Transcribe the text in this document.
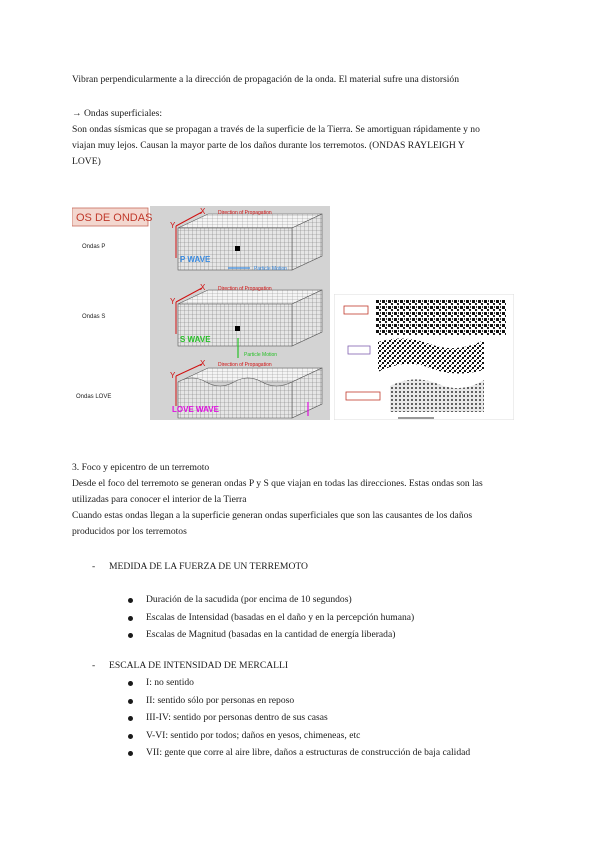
Vibran perpendicularmente a la dirección de propagación de la onda. El material sufre una distorsión
→ Ondas superficiales:
Son ondas sísmicas que se propagan a través de la superficie de la Tierra. Se amortiguan rápidamente y no
viajan muy lejos. Causan la mayor parte de los daños durante los terremotos. (ONDAS RAYLEIGH Y
LOVE)
OS DE ONDAS
Ondas P
Ondas S
Ondas LOVE
Y
X	Direction of Propagation
P WAVE
Particle Motion
Y
X	Direction of Propagation
S WAVE
Particle Motion
Y
X	Direction of Propagation
LOVE WAVE
3. Foco y epicentro de un terremoto
Desde el foco del terremoto se generan ondas P y S que viajan en todas las direcciones. Estas ondas son las
utilizadas para conocer el interior de la Tierra
Cuando estas ondas llegan a la superficie generan ondas superficiales que son las causantes de los daños
producidos por los terremotos
- MEDIDA DE LA FUERZA DE UN TERREMOTO
Duración de la sacudida (por encima de 10 segundos)
Escalas de Intensidad (basadas en el daño y en la percepción humana)
Escalas de Magnitud (basadas en la cantidad de energía liberada)
- ESCALA DE INTENSIDAD DE MERCALLI
I: no sentido
II: sentido sólo por personas en reposo
III-IV: sentido por personas dentro de sus casas
V-VI: sentido por todos; daños en yesos, chimeneas, etc
VII: gente que corre al aire libre, daños a estructuras de construcción de baja calidad
